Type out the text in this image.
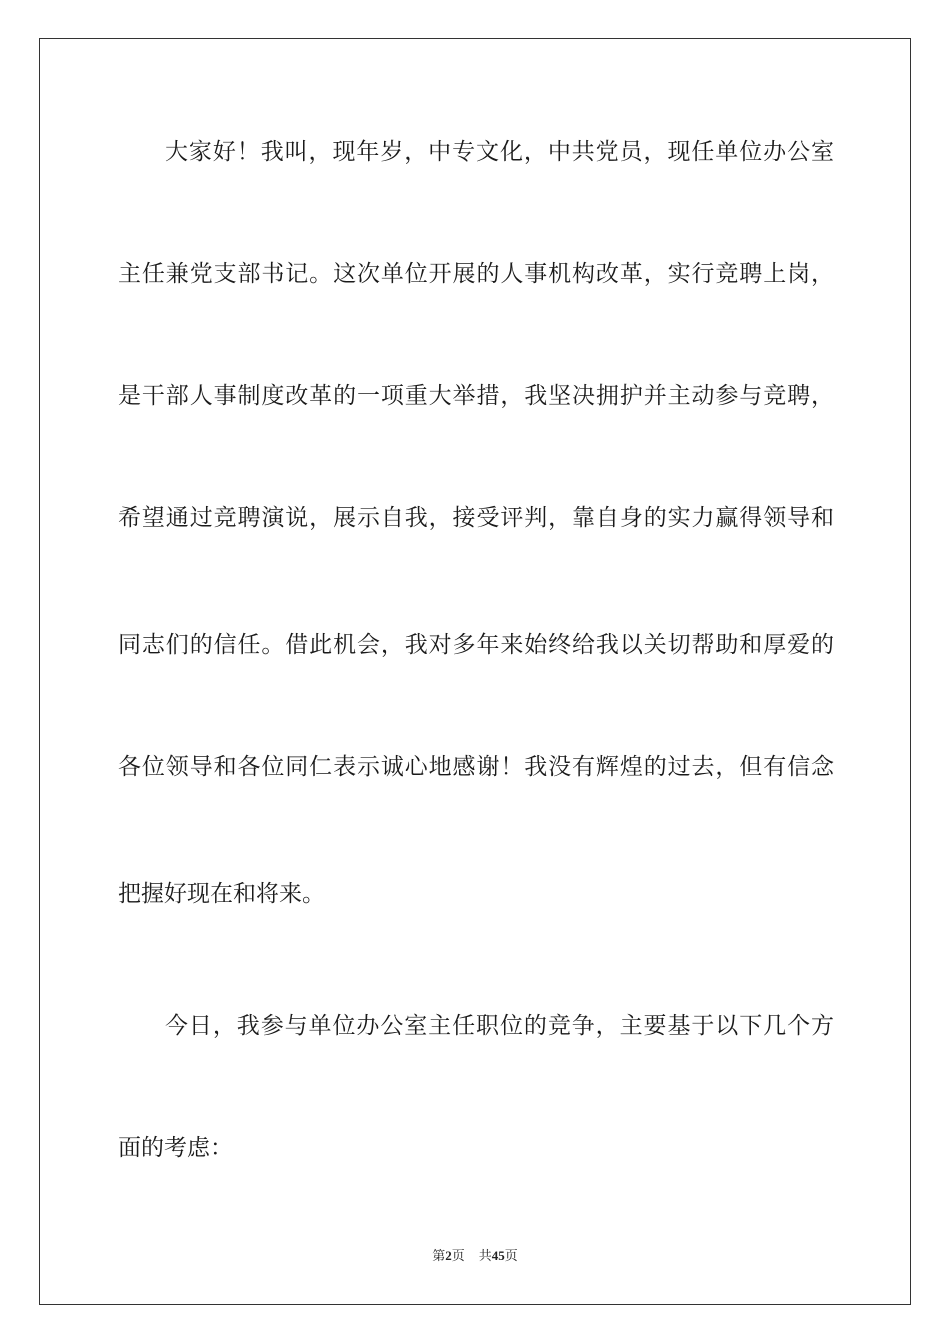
大家好！我叫，现年岁，中专文化，中共党员，现任单位办公室
主任兼党支部书记。这次单位开展的人事机构改革，实行竞聘上岗，
是干部人事制度改革的一项重大举措，我坚决拥护并主动参与竞聘，
希望通过竞聘演说，展示自我，接受评判，靠自身的实力赢得领导和
同志们的信任。借此机会，我对多年来始终给我以关切帮助和厚爱的
各位领导和各位同仁表示诚心地感谢！我没有辉煌的过去，但有信念
把握好现在和将来。
今日，我参与单位办公室主任职位的竞争，主要基于以下几个方
面的考虑：
第2页 共45页
